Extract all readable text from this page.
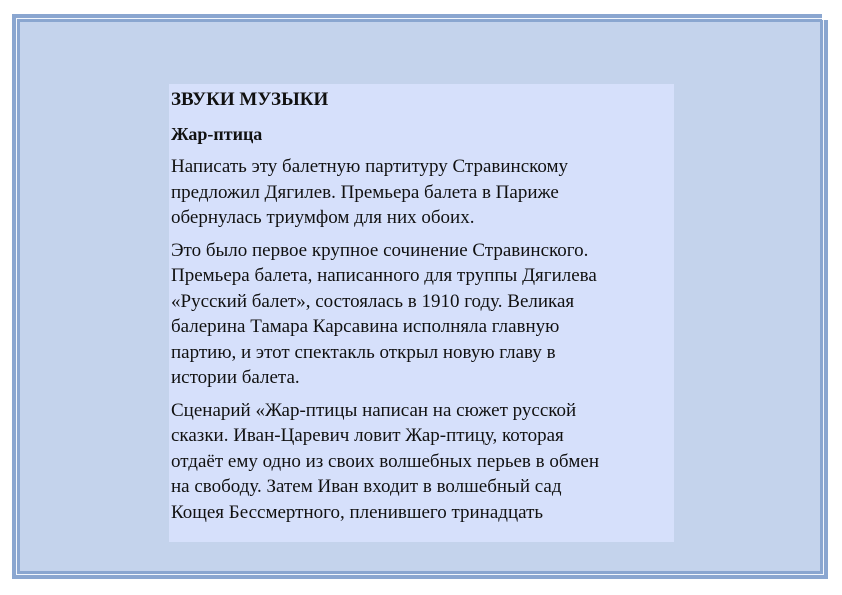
ЗВУКИ МУЗЫКИ
Жар-птица
Написать эту балетную партитуру Стравинскому
предложил Дягилев. Премьера балета в Париже
обернулась триумфом для них обоих.
Это было первое крупное сочинение Стравинского.
Премьера балета, написанного для труппы Дягилева
«Русский балет», состоялась в 1910 году. Великая
балерина Тамара Карсавина исполняла главную
партию, и этот спектакль открыл новую главу в
истории балета.
Сценарий «Жар-птицы написан на сюжет русской
сказки. Иван-Царевич ловит Жар-птицу, которая
отдаёт ему одно из своих волшебных перьев в обмен
на свободу. Затем Иван входит в волшебный сад
Кощея Бессмертного, пленившего тринадцать
